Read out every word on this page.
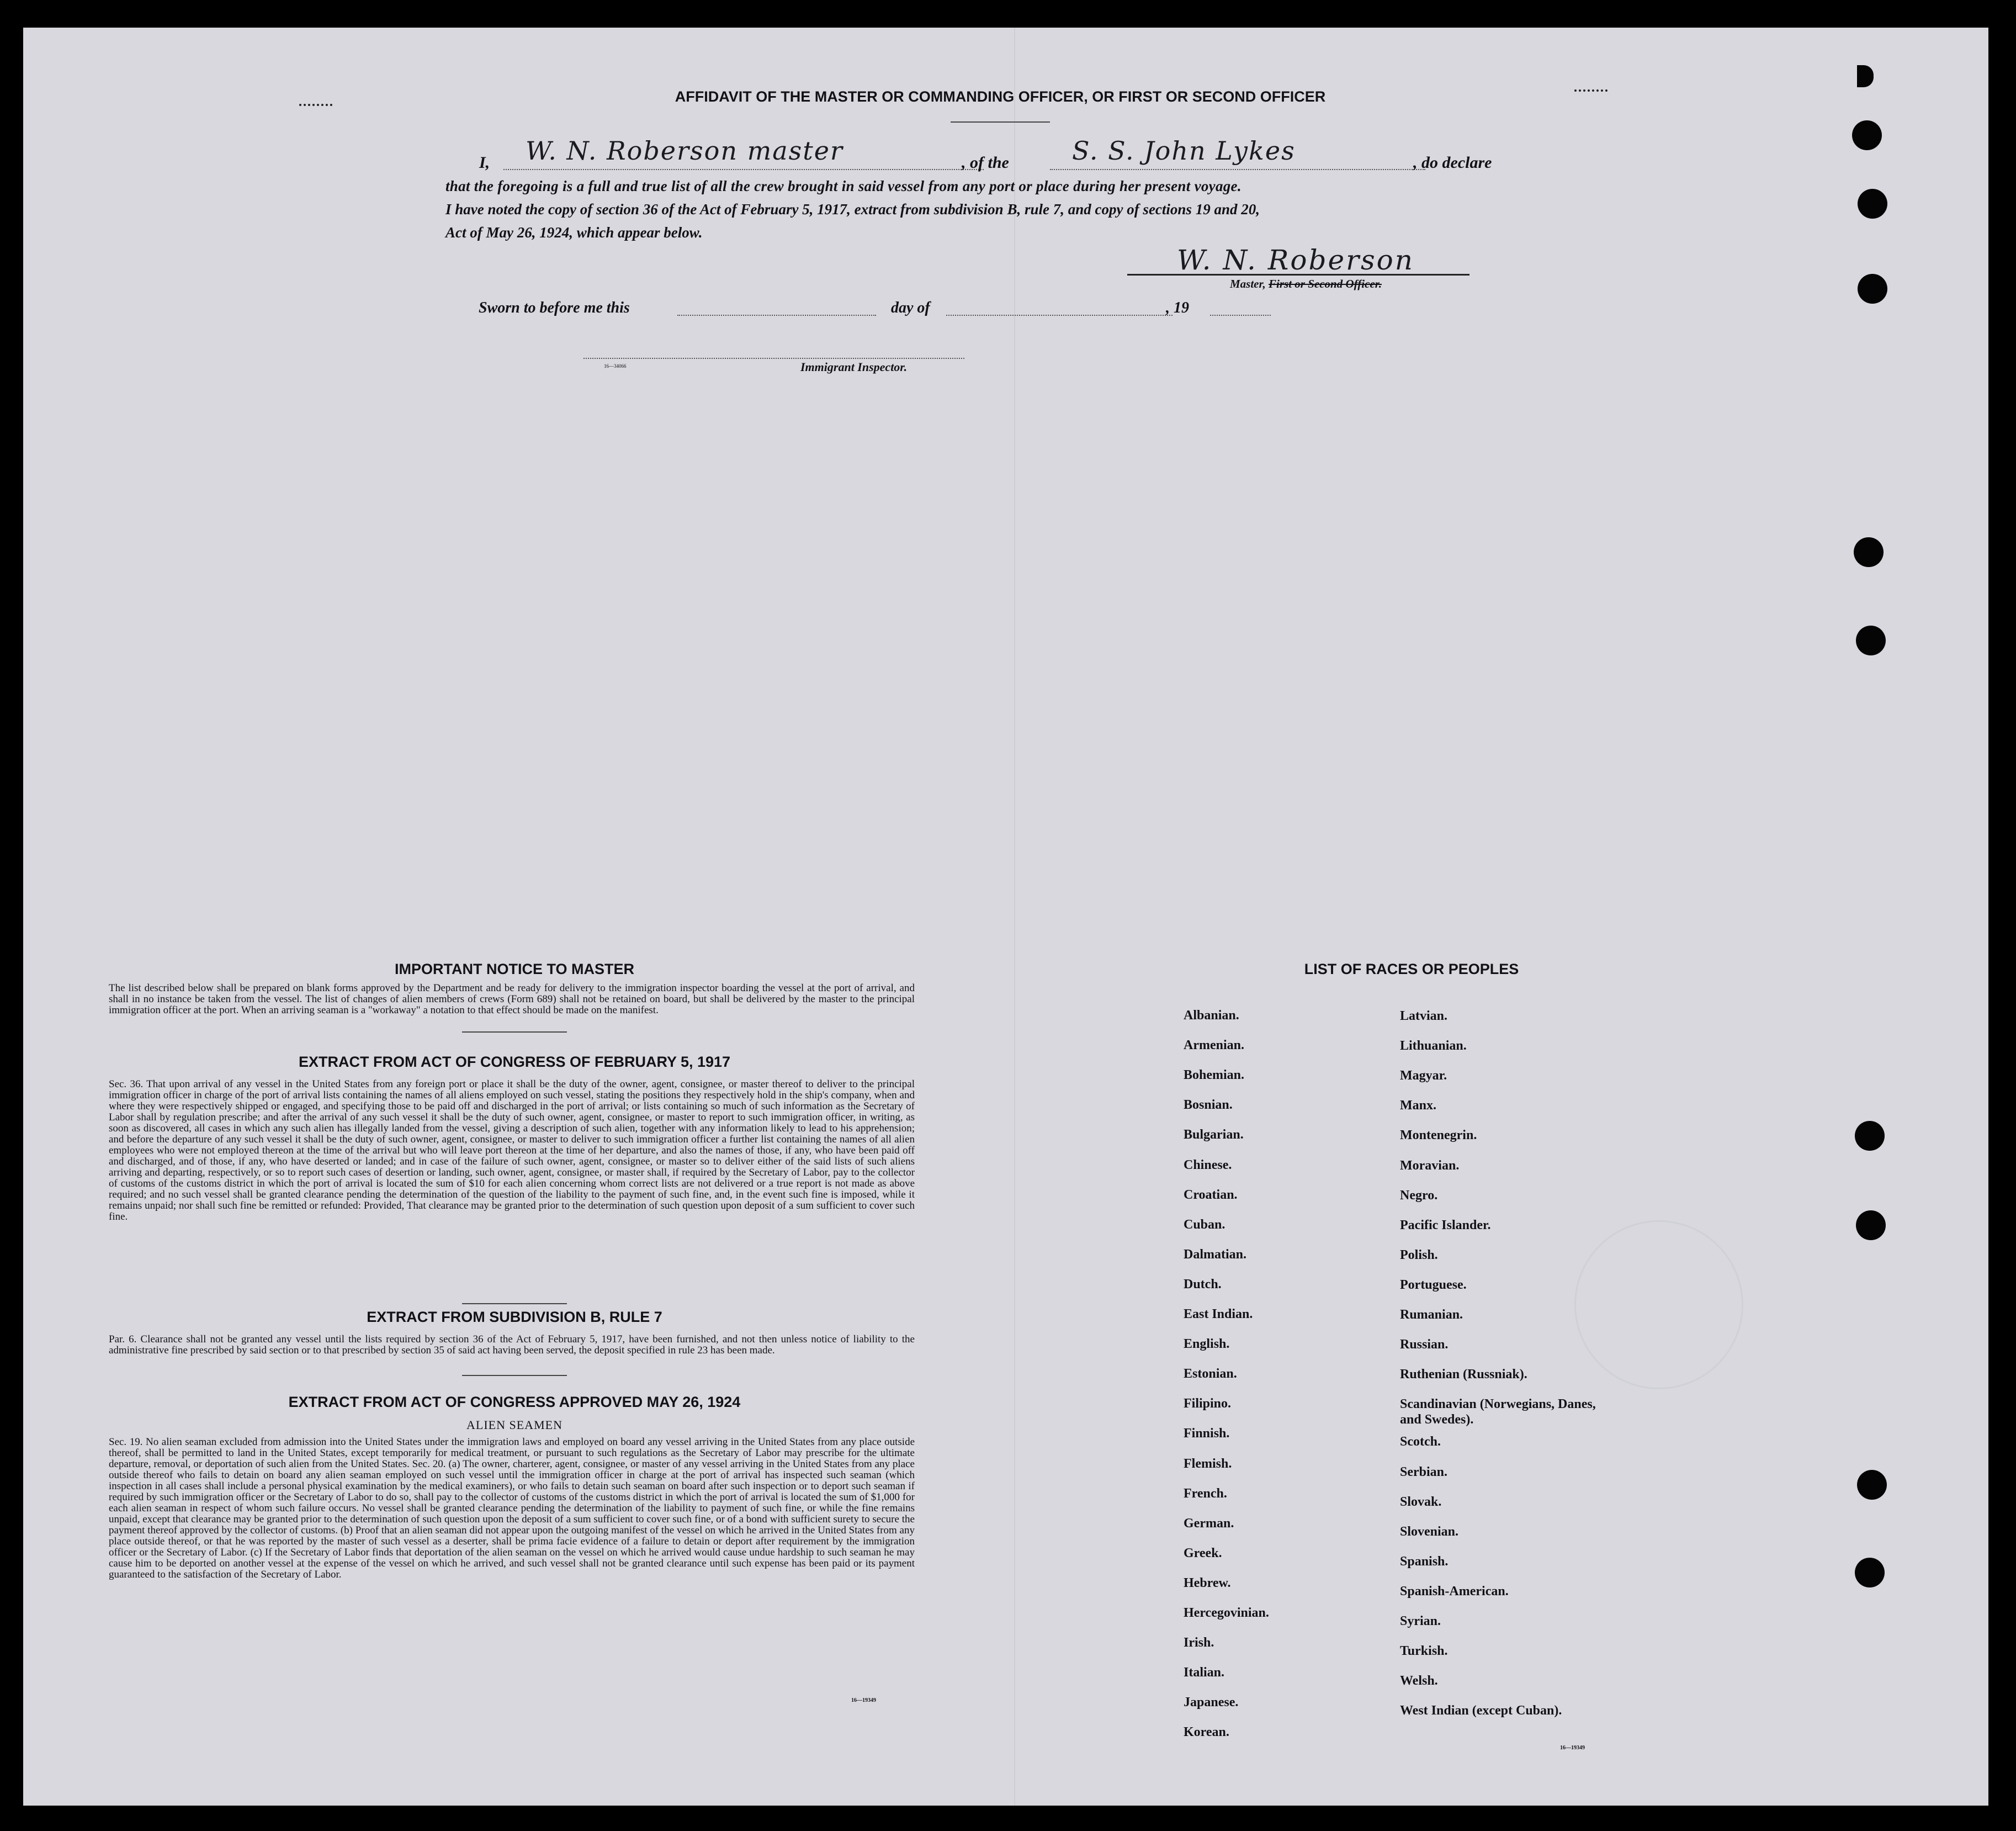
AFFIDAVIT OF THE MASTER OR COMMANDING OFFICER, OR FIRST OR SECOND OFFICER
I, W. N. Roberson master	, of the S. S. John Lykes	, do declare
that the foregoing is a full and true list of all the crew brought in said vessel from any port or place during her present voyage.
I have noted the copy of section 36 of the Act of February 5, 1917, extract from subdivision B, rule 7, and copy of sections 19 and 20,
Act of May 26, 1924, which appear below.
W. N. Roberson
Master, First or Second Officer.
Sworn to before me this	day of	, 19
16—34066	Immigrant Inspector.
IMPORTANT NOTICE TO MASTER
The list described below shall be prepared on blank forms approved by the Department and be ready for delivery to the immigration inspector boarding the vessel at the port of arrival, and shall in no instance be taken from the vessel. The list of changes of alien members of crews (Form 689) shall not be retained on board, but shall be delivered by the master to the principal immigration officer at the port. When an arriving seaman is a "workaway" a notation to that effect should be made on the manifest.
EXTRACT FROM ACT OF CONGRESS OF FEBRUARY 5, 1917
Sec. 36. That upon arrival of any vessel in the United States from any foreign port or place it shall be the duty of the owner, agent, consignee, or master thereof to deliver to the principal immigration officer in charge of the port of arrival lists containing the names of all aliens employed on such vessel, stating the positions they respectively hold in the ship's company, when and where they were respectively shipped or engaged, and specifying those to be paid off and discharged in the port of arrival; or lists containing so much of such information as the Secretary of Labor shall by regulation prescribe; and after the arrival of any such vessel it shall be the duty of such owner, agent, consignee, or master to report to such immigration officer, in writing, as soon as discovered, all cases in which any such alien has illegally landed from the vessel, giving a description of such alien, together with any information likely to lead to his apprehension; and before the departure of any such vessel it shall be the duty of such owner, agent, consignee, or master to deliver to such immigration officer a further list containing the names of all alien employees who were not employed thereon at the time of the arrival but who will leave port thereon at the time of her departure, and also the names of those, if any, who have been paid off and discharged, and of those, if any, who have deserted or landed; and in case of the failure of such owner, agent, consignee, or master so to deliver either of the said lists of such aliens arriving and departing, respectively, or so to report such cases of desertion or landing, such owner, agent, consignee, or master shall, if required by the Secretary of Labor, pay to the collector of customs of the customs district in which the port of arrival is located the sum of $10 for each alien concerning whom correct lists are not delivered or a true report is not made as above required; and no such vessel shall be granted clearance pending the determination of the question of the liability to the payment of such fine, and, in the event such fine is imposed, while it remains unpaid; nor shall such fine be remitted or refunded: Provided, That clearance may be granted prior to the determination of such question upon deposit of a sum sufficient to cover such fine.
EXTRACT FROM SUBDIVISION B, RULE 7
Par. 6. Clearance shall not be granted any vessel until the lists required by section 36 of the Act of February 5, 1917, have been furnished, and not then unless notice of liability to the administrative fine prescribed by said section or to that prescribed by section 35 of said act having been served, the deposit specified in rule 23 has been made.
EXTRACT FROM ACT OF CONGRESS APPROVED MAY 26, 1924
ALIEN SEAMEN
Sec. 19. No alien seaman excluded from admission into the United States under the immigration laws and employed on board any vessel arriving in the United States from any place outside thereof, shall be permitted to land in the United States, except temporarily for medical treatment, or pursuant to such regulations as the Secretary of Labor may prescribe for the ultimate departure, removal, or deportation of such alien from the United States. Sec. 20. (a) The owner, charterer, agent, consignee, or master of any vessel arriving in the United States from any place outside thereof who fails to detain on board any alien seaman employed on such vessel until the immigration officer in charge at the port of arrival has inspected such seaman (which inspection in all cases shall include a personal physical examination by the medical examiners), or who fails to detain such seaman on board after such inspection or to deport such seaman if required by such immigration officer or the Secretary of Labor to do so, shall pay to the collector of customs of the customs district in which the port of arrival is located the sum of $1,000 for each alien seaman in respect of whom such failure occurs. No vessel shall be granted clearance pending the determination of the liability to payment of such fine, or while the fine remains unpaid, except that clearance may be granted prior to the determination of such question upon the deposit of a sum sufficient to cover such fine, or of a bond with sufficient surety to secure the payment thereof approved by the collector of customs. (b) Proof that an alien seaman did not appear upon the outgoing manifest of the vessel on which he arrived in the United States from any place outside thereof, or that he was reported by the master of such vessel as a deserter, shall be prima facie evidence of a failure to detain or deport after requirement by the immigration officer or the Secretary of Labor. (c) If the Secretary of Labor finds that deportation of the alien seaman on the vessel on which he arrived would cause undue hardship to such seaman he may cause him to be deported on another vessel at the expense of the vessel on which he arrived, and such vessel shall not be granted clearance until such expense has been paid or its payment guaranteed to the satisfaction of the Secretary of Labor.
16—19349
LIST OF RACES OR PEOPLES
Albanian.
Armenian.
Bohemian.
Bosnian.
Bulgarian.
Chinese.
Croatian.
Cuban.
Dalmatian.
Dutch.
East Indian.
English.
Estonian.
Filipino.
Finnish.
Flemish.
French.
German.
Greek.
Hebrew.
Hercegovinian.
Irish.
Italian.
Japanese.
Korean.
Latvian.
Lithuanian.
Magyar.
Manx.
Montenegrin.
Moravian.
Negro.
Pacific Islander.
Polish.
Portuguese.
Rumanian.
Russian.
Ruthenian (Russniak).
Scandinavian (Norwegians, Danes, and Swedes).
Scotch.
Serbian.
Slovak.
Slovenian.
Spanish.
Spanish-American.
Syrian.
Turkish.
Welsh.
West Indian (except Cuban).
16—19349
